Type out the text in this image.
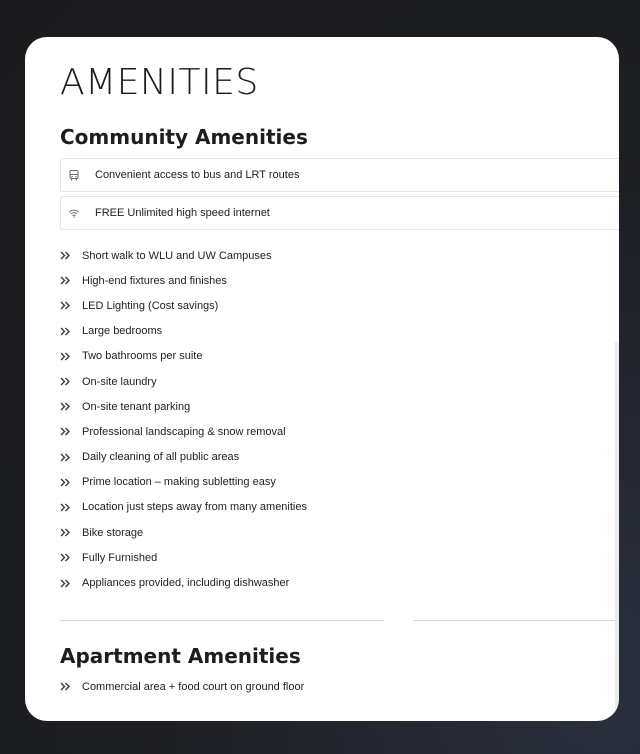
AMENITIES
Community Amenities
Convenient access to bus and LRT routes
FREE Unlimited high speed internet
Short walk to WLU and UW Campuses
High-end fixtures and finishes
LED Lighting (Cost savings)
Large bedrooms
Two bathrooms per suite
On-site laundry
On-site tenant parking
Professional landscaping & snow removal
Daily cleaning of all public areas
Prime location – making subletting easy
Location just steps away from many amenities
Bike storage
Fully Furnished
Appliances provided, including dishwasher
Apartment Amenities
Commercial area + food court on ground floor
